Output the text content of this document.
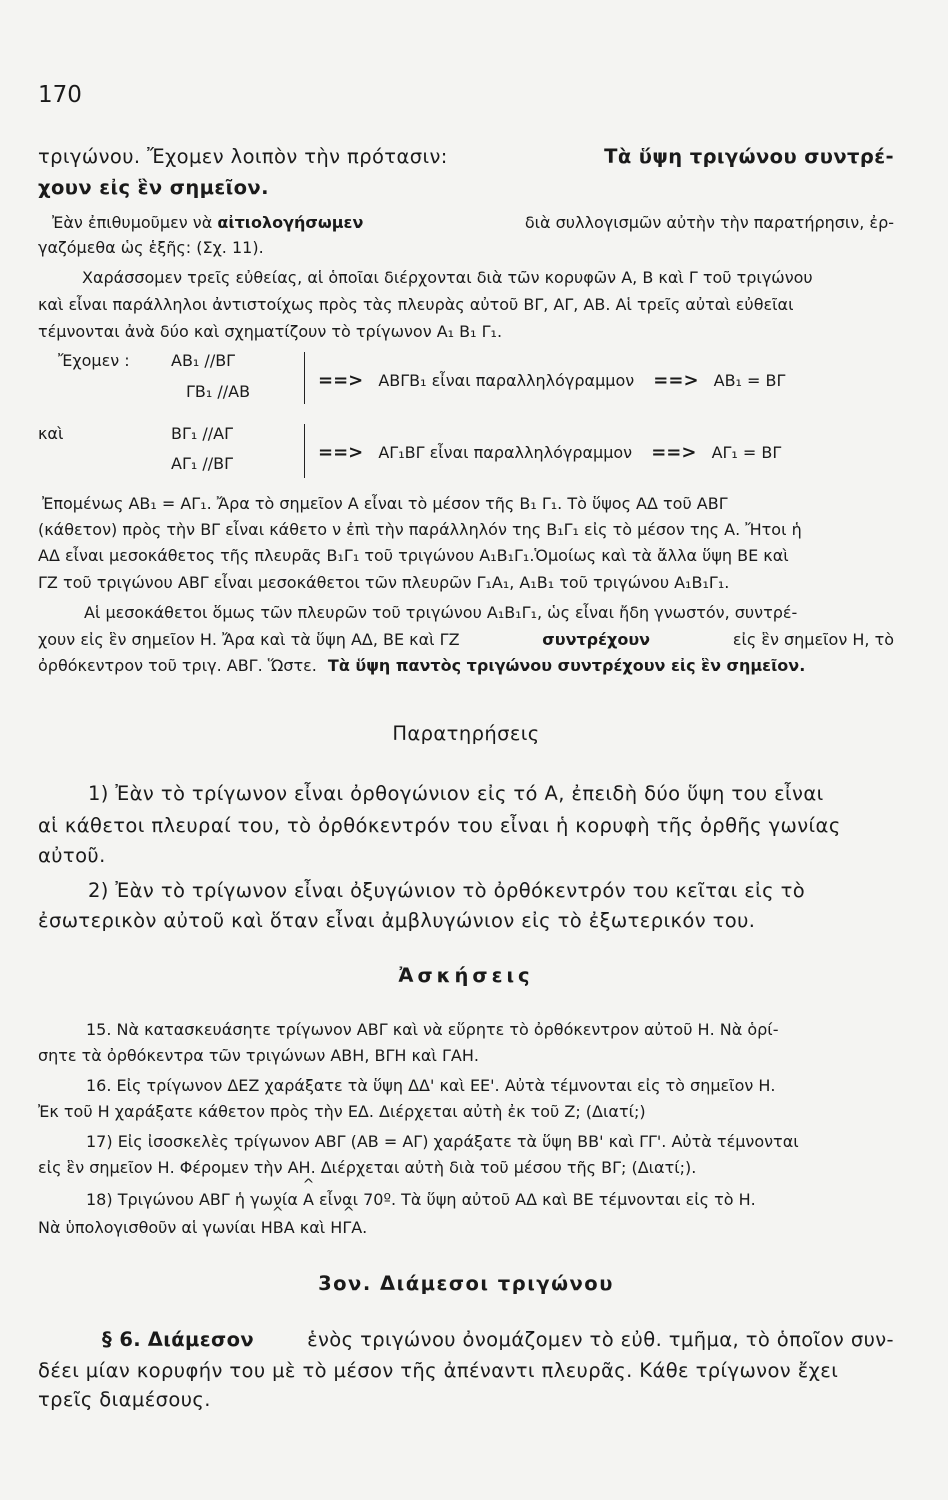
170
τριγώνου. Ἔχομεν λοιπὸν τὴν πρότασιν:	Τὰ ὕψη τριγώνου συντρέ-
χουν εἰς ἓν σημεῖον.
Ἐὰν ἐπιθυμοῦμεν νὰ αἰτιολογήσωμεν	διὰ συλλογισμῶν αὐτὴν τὴν παρατήρησιν, ἐρ-
γαζόμεθα ὡς ἑξῆς: (Σχ. 11).
Χαράσσομεν τρεῖς εὐθείας, αἱ ὁποῖαι διέρχονται διὰ τῶν κορυφῶν Α, Β καὶ Γ τοῦ τριγώνου
καὶ εἶναι παράλληλοι ἀντιστοίχως πρὸς τὰς πλευρὰς αὐτοῦ ΒΓ, ΑΓ, ΑΒ. Αἱ τρεῖς αὐταὶ εὐθεῖαι
τέμνονται ἀνὰ δύο καὶ σχηματίζουν τὸ τρίγωνον Α₁ Β₁ Γ₁.
Ἔχομεν :	ΑΒ₁ //ΒΓ
ΓΒ₁ //ΑΒ
==> ΑΒΓΒ₁ εἶναι παραλληλόγραμμον ==> ΑΒ₁ = ΒΓ
καὶ	ΒΓ₁ //ΑΓ
ΑΓ₁ //ΒΓ
==> ΑΓ₁ΒΓ εἶναι παραλληλόγραμμον ==> ΑΓ₁ = ΒΓ
Ἐπομένως ΑΒ₁ = ΑΓ₁. Ἄρα τὸ σημεῖον Α εἶναι τὸ μέσον τῆς Β₁ Γ₁. Τὸ ὕψος ΑΔ τοῦ ΑΒΓ
(κάθετον) πρὸς τὴν ΒΓ εἶναι κάθετο ν ἐπὶ τὴν παράλληλόν της Β₁Γ₁ εἰς τὸ μέσον της Α. Ἤτοι ἡ
ΑΔ εἶναι μεσοκάθετος τῆς πλευρᾶς Β₁Γ₁ τοῦ τριγώνου Α₁Β₁Γ₁.Ὁμοίως καὶ τὰ ἄλλα ὕψη ΒΕ καὶ
ΓΖ τοῦ τριγώνου ΑΒΓ εἶναι μεσοκάθετοι τῶν πλευρῶν Γ₁Α₁, Α₁Β₁ τοῦ τριγώνου Α₁Β₁Γ₁.
Αἱ μεσοκάθετοι ὅμως τῶν πλευρῶν τοῦ τριγώνου Α₁Β₁Γ₁, ὡς εἶναι ἤδη γνωστόν, συντρέ-
χουν εἰς ἓν σημεῖον Η. Ἄρα καὶ τὰ ὕψη ΑΔ, ΒΕ καὶ ΓΖ	συντρέχουν	εἰς ἓν σημεῖον Η, τὸ
ὀρθόκεντρον τοῦ τριγ. ΑΒΓ. Ὥστε. Τὰ ὕψη παντὸς τριγώνου συντρέχουν εἰς ἓν σημεῖον.
Παρατηρήσεις
1) Ἐὰν τὸ τρίγωνον εἶναι ὀρθογώνιον εἰς τό Α, ἐπειδὴ δύο ὕψη του εἶναι
αἱ κάθετοι πλευραί του, τὸ ὀρθόκεντρόν του εἶναι ἡ κορυφὴ τῆς ὀρθῆς γωνίας
αὐτοῦ.
2) Ἐὰν τὸ τρίγωνον εἶναι ὀξυγώνιον τὸ ὀρθόκεντρόν του κεῖται εἰς τὸ
ἐσωτερικὸν αὐτοῦ καὶ ὅταν εἶναι ἀμβλυγώνιον εἰς τὸ ἐξωτερικόν του.
Ἀσκήσεις
15. Νὰ κατασκευάσητε τρίγωνον ΑΒΓ καὶ νὰ εὕρητε τὸ ὀρθόκεντρον αὐτοῦ Η. Νὰ ὁρί-
σητε τὰ ὀρθόκεντρα τῶν τριγώνων ΑΒΗ, ΒΓΗ καὶ ΓΑΗ.
16. Εἰς τρίγωνον ΔΕΖ χαράξατε τὰ ὕψη ΔΔ' καὶ ΕΕ'. Αὐτὰ τέμνονται εἰς τὸ σημεῖον Η.
Ἐκ τοῦ Η χαράξατε κάθετον πρὸς τὴν ΕΔ. Διέρχεται αὐτὴ ἐκ τοῦ Ζ; (Διατί;)
17) Εἰς ἰσοσκελὲς τρίγωνον ΑΒΓ (ΑΒ = ΑΓ) χαράξατε τὰ ὕψη ΒΒ' καὶ ΓΓ'. Αὐτὰ τέμνονται
εἰς ἓν σημεῖον Η. Φέρομεν τὴν ΑΗ. Διέρχεται αὐτὴ διὰ τοῦ μέσου τῆς ΒΓ; (Διατί;).
18) Τριγώνου ΑΒΓ ἡ γωνία ^ Α εἶναι 70º. Τὰ ὕψη αὐτοῦ ΑΔ καὶ ΒΕ τέμνονται εἰς τὸ Η.
Νὰ ὑπολογισθοῦν αἱ γωνίαι ^ ΗΒΑ καὶ ^ ΗΓΑ.
3ον. Διάμεσοι τριγώνου
§ 6. Διάμεσον	ἑνὸς τριγώνου ὀνομάζομεν τὸ εὐθ. τμῆμα, τὸ ὁποῖον συν-
δέει μίαν κορυφήν του μὲ τὸ μέσον τῆς ἀπέναντι πλευρᾶς. Κάθε τρίγωνον ἔχει
τρεῖς διαμέσους.
